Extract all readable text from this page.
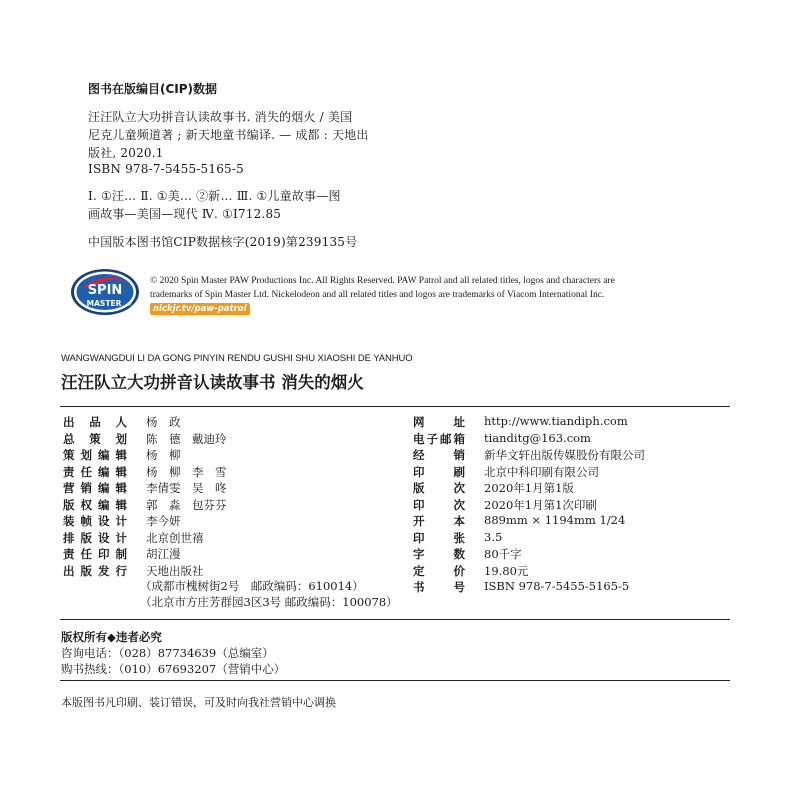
图书在版编目(CIP)数据
汪汪队立大功拼音认读故事书. 消失的烟火 / 美国
尼克儿童频道著 ; 新天地童书编译. — 成都 : 天地出
版社, 2020.1
ISBN 978-7-5455-5165-5
Ⅰ. ①汪… Ⅱ. ①美… ②新… Ⅲ. ①儿童故事—图
画故事—美国—现代 Ⅳ. ①I712.85
中国版本图书馆CIP数据核字(2019)第239135号
SPIN
MASTER ®
© 2020 Spin Master PAW Productions Inc. All Rights Reserved. PAW Patrol and all related titles, logos and characters are
trademarks of Spin Master Ltd. Nickelodeon and all related titles and logos are trademarks of Viacom International Inc.
nickjr.tv/paw-patrol
WANGWANGDUI LI DA GONG PINYIN RENDU GUSHI SHU XIAOSHI DE YANHUO
汪汪队立大功拼音认读故事书 消失的烟火
出品人 杨　政
总策划 陈　德　戴迪玲
策划编辑 杨　柳
责任编辑 杨　柳　李　雪
营销编辑 李倩雯　吴　咚
版权编辑 郭　淼　包芬芬
装帧设计 李今妍
排版设计 北京创世禧
责任印制 胡江漫
出版发行 天地出版社
（成都市槐树街2号　邮政编码：610014）
（北京市方庄芳群园3区3号 邮政编码：100078）
网址 http://www.tiandiph.com
电子邮箱 tianditg@163.com
经销 新华文轩出版传媒股份有限公司
印刷 北京中科印刷有限公司
版次 2020年1月第1版
印次 2020年1月第1次印刷
开本 889mm × 1194mm 1/24
印张 3.5
字数 80千字
定价 19.80元
书号 ISBN 978-7-5455-5165-5
版权所有◆违者必究
咨询电话：（028）87734639（总编室）
购书热线：（010）67693207（营销中心）
本版图书凡印刷、装订错误，可及时向我社营销中心调换
